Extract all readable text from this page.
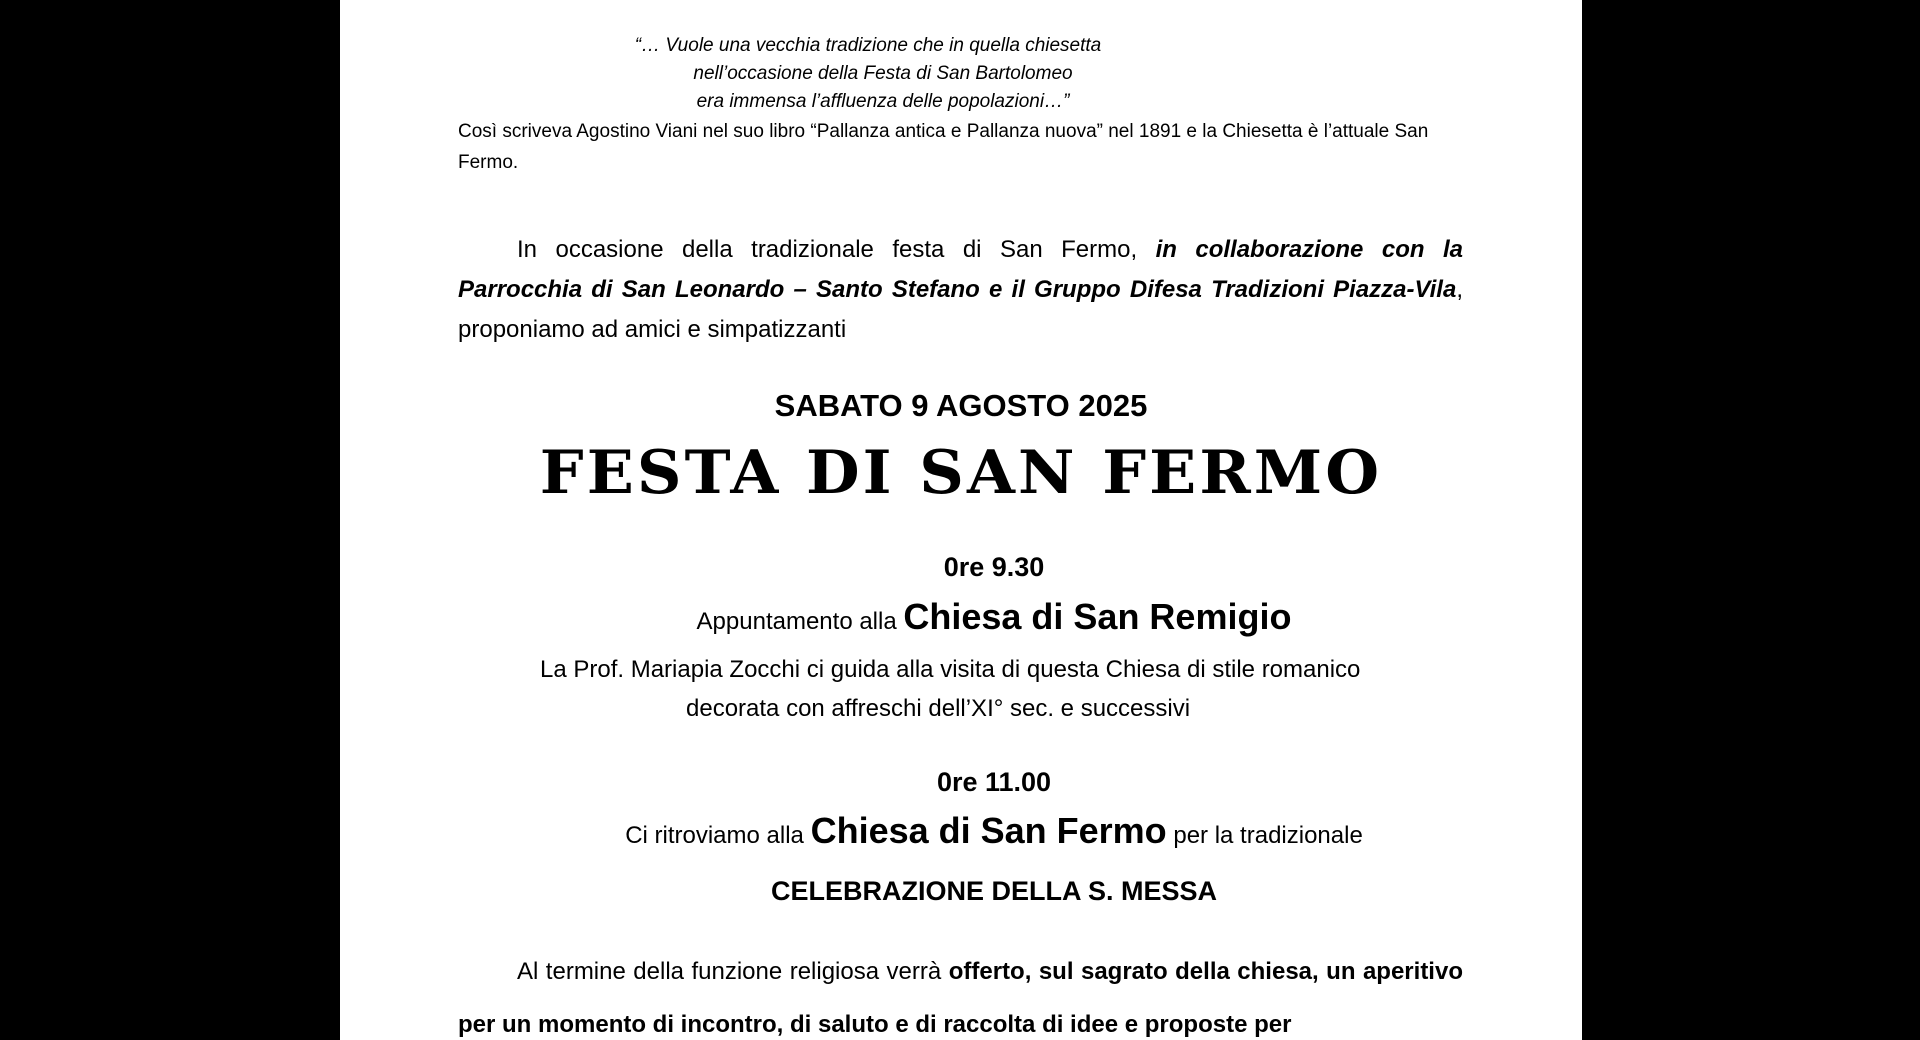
“… Vuole una vecchia tradizione che in quella chiesetta
nell’occasione della Festa di San Bartolomeo
era immensa l’affluenza delle popolazioni…”
Così scriveva Agostino Viani nel suo libro “Pallanza antica e Pallanza nuova” nel 1891 e la Chiesetta è l’attuale San Fermo.
In occasione della tradizionale festa di San Fermo, in collaborazione con la Parrocchia di San Leonardo – Santo Stefano e il Gruppo Difesa Tradizioni Piazza-Vila, proponiamo ad amici e simpatizzanti
SABATO 9 AGOSTO 2025
FESTA DI SAN FERMO
0re 9.30
Appuntamento alla Chiesa di San Remigio
La Prof. Mariapia Zocchi ci guida alla visita di questa Chiesa di stile romanico
decorata con affreschi dell’XI° sec. e successivi
0re 11.00
Ci ritroviamo alla Chiesa di San Fermo per la tradizionale
CELEBRAZIONE DELLA S. MESSA
Al termine della funzione religiosa verrà offerto, sul sagrato della chiesa, un aperitivo per un momento di incontro, di saluto e di raccolta di idee e proposte per
